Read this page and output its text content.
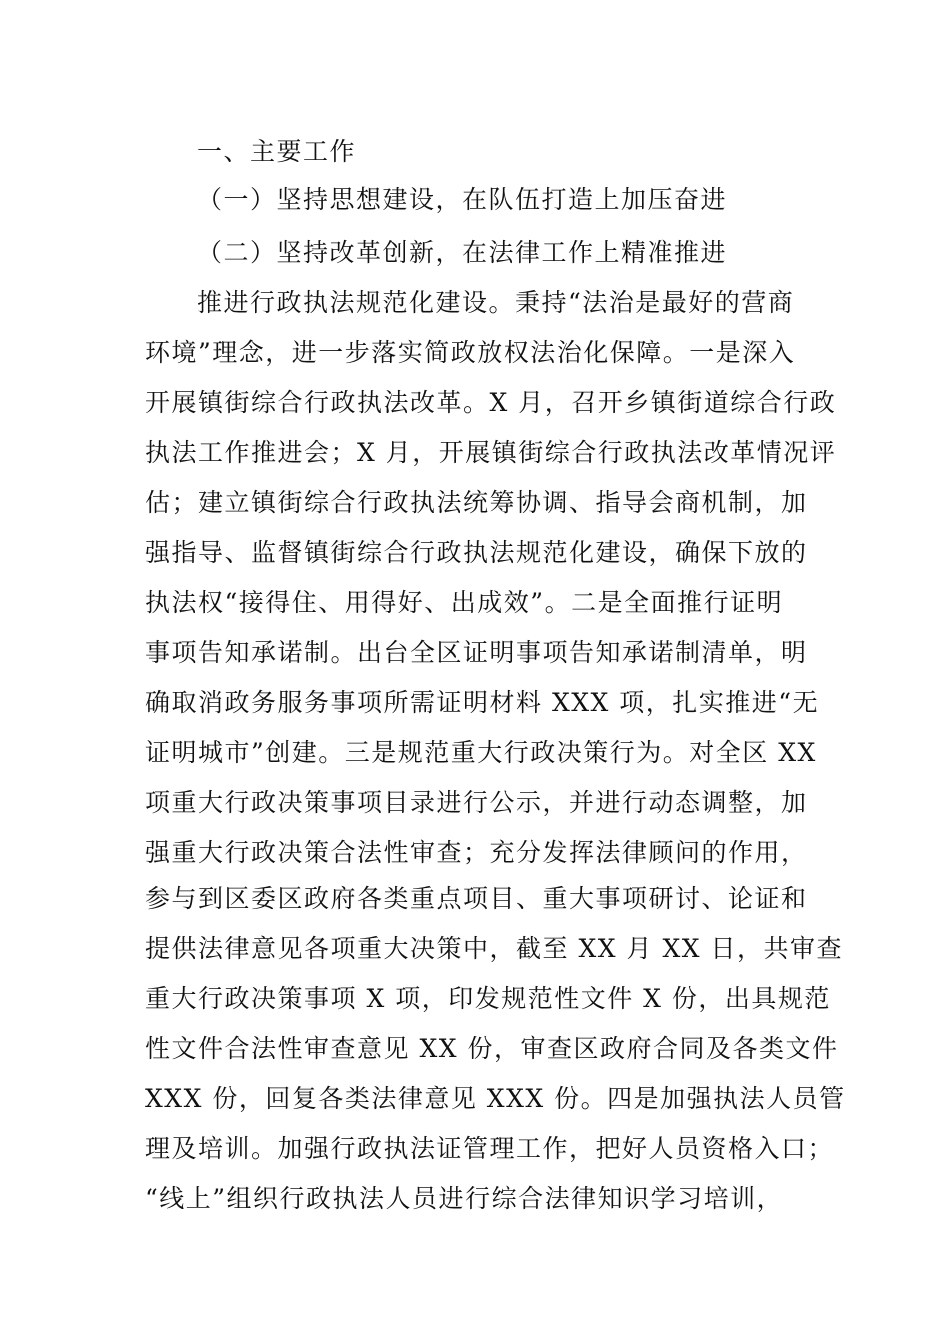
一、主要工作
（一）坚持思想建设，在队伍打造上加压奋进
（二）坚持改革创新，在法律工作上精准推进
推进行政执法规范化建设。秉持“法治是最好的营商
环境”理念，进一步落实简政放权法治化保障。一是深入
开展镇街综合行政执法改革。X 月，召开乡镇街道综合行政
执法工作推进会；X 月，开展镇街综合行政执法改革情况评
估；建立镇街综合行政执法统筹协调、指导会商机制，加
强指导、监督镇街综合行政执法规范化建设，确保下放的
执法权“接得住、用得好、出成效”。二是全面推行证明
事项告知承诺制。出台全区证明事项告知承诺制清单，明
确取消政务服务事项所需证明材料 XXX 项，扎实推进“无
证明城市”创建。三是规范重大行政决策行为。对全区 XX
项重大行政决策事项目录进行公示，并进行动态调整，加
强重大行政决策合法性审查；充分发挥法律顾问的作用，
参与到区委区政府各类重点项目、重大事项研讨、论证和
提供法律意见各项重大决策中，截至 XX 月 XX 日，共审查
重大行政决策事项 X 项，印发规范性文件 X 份，出具规范
性文件合法性审查意见 XX 份，审查区政府合同及各类文件
XXX 份，回复各类法律意见 XXX 份。四是加强执法人员管
理及培训。加强行政执法证管理工作，把好人员资格入口；
“线上”组织行政执法人员进行综合法律知识学习培训，
